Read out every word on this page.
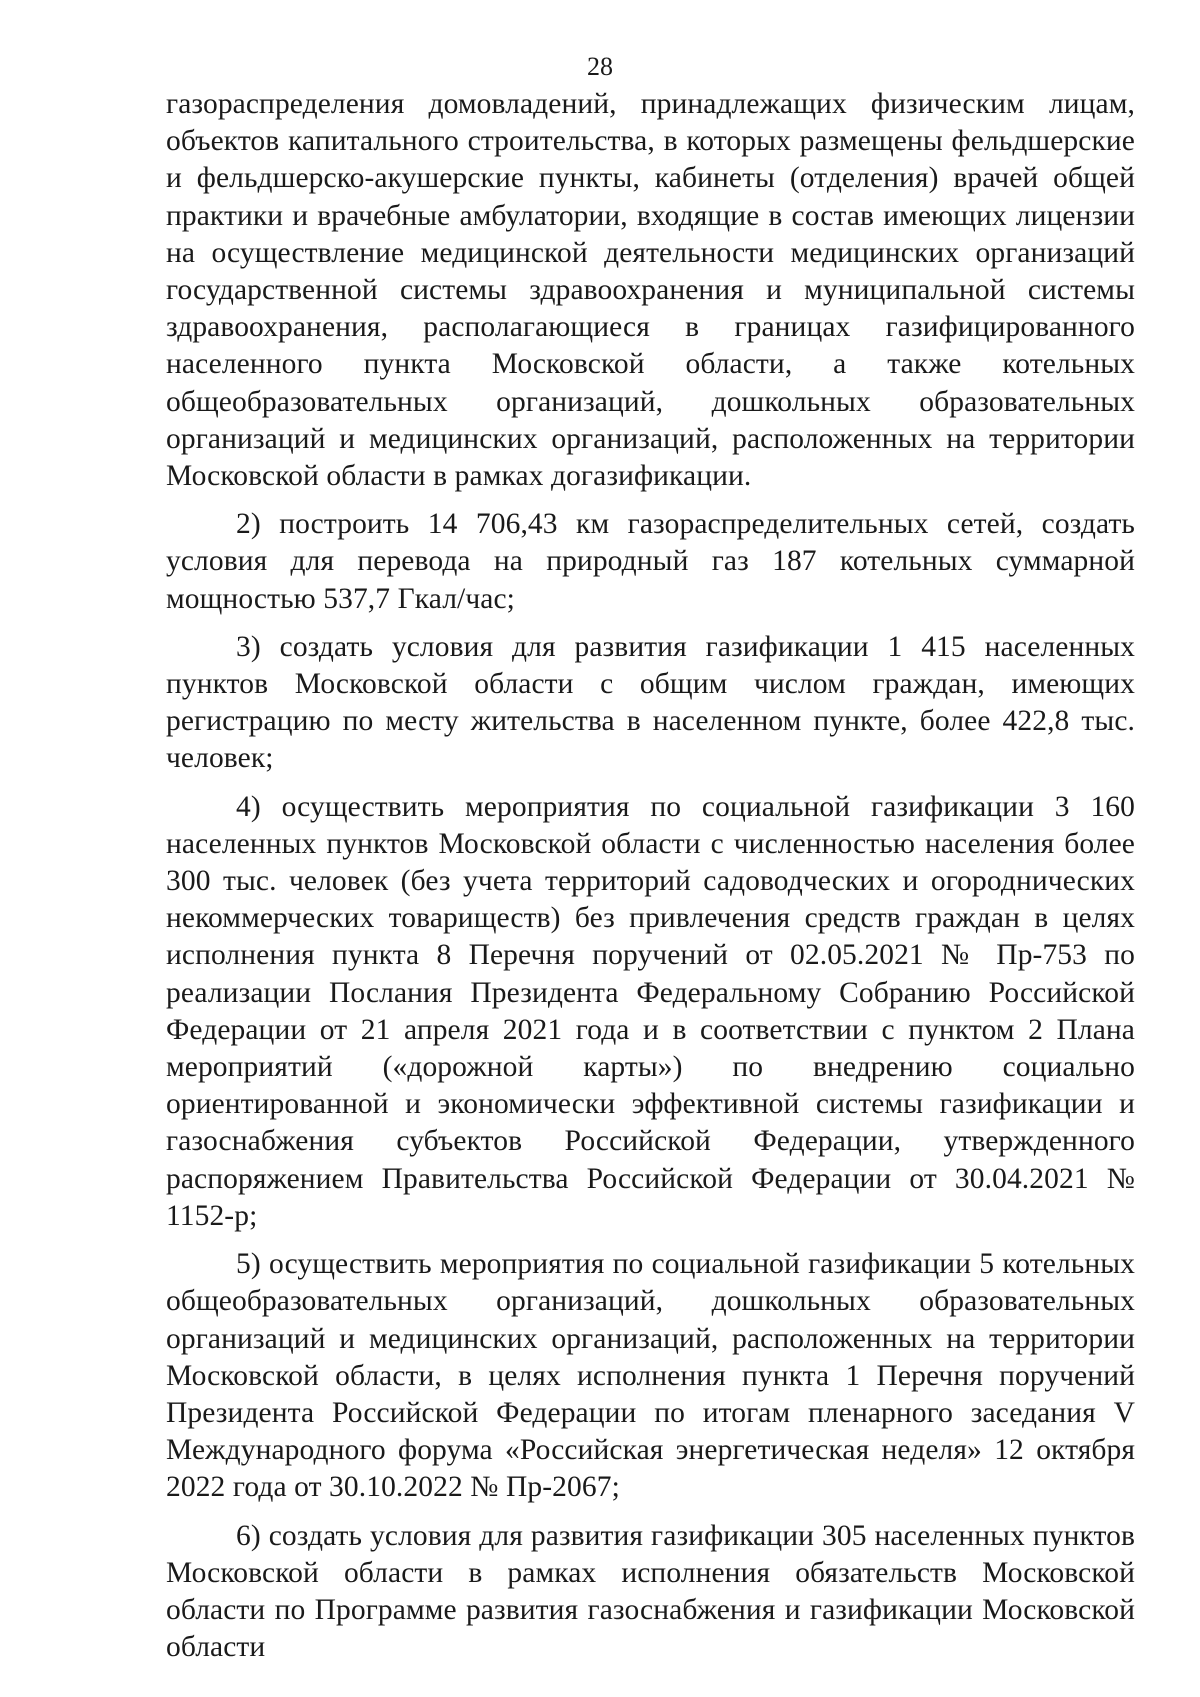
28

газораспределения домовладений, принадлежащих физическим лицам, объектов капитального строительства, в которых размещены фельдшерские и фельдшерско-акушерские пункты, кабинеты (отделения) врачей общей практики и врачебные амбулатории, входящие в состав имеющих лицензии на осуществление медицинской деятельности медицинских организаций государственной системы здравоохранения и муниципальной системы здравоохранения, располагающиеся в границах газифицированного населенного пункта Московской области, а также котельных общеобразовательных организаций, дошкольных образовательных организаций и медицинских организаций, расположенных на территории Московской области в рамках догазификации.

2) построить 14 706,43 км газораспределительных сетей, создать условия для перевода на природный газ 187 котельных суммарной мощностью 537,7 Гкал/час;

3) создать условия для развития газификации 1 415 населенных пунктов Московской области с общим числом граждан, имеющих регистрацию по месту жительства в населенном пункте, более 422,8 тыс. человек;

4) осуществить мероприятия по социальной газификации 3 160 населенных пунктов Московской области с численностью населения более 300 тыс. человек (без учета территорий садоводческих и огороднических некоммерческих товариществ) без привлечения средств граждан в целях исполнения пункта 8 Перечня поручений от 02.05.2021 № Пр-753 по реализации Послания Президента Федеральному Собранию Российской Федерации от 21 апреля 2021 года и в соответствии с пунктом 2 Плана мероприятий («дорожной карты») по внедрению социально ориентированной и экономически эффективной системы газификации и газоснабжения субъектов Российской Федерации, утвержденного распоряжением Правительства Российской Федерации от 30.04.2021 № 1152-р;

5) осуществить мероприятия по социальной газификации 5 котельных общеобразовательных организаций, дошкольных образовательных организаций и медицинских организаций, расположенных на территории Московской области, в целях исполнения пункта 1 Перечня поручений Президента Российской Федерации по итогам пленарного заседания V Международного форума «Российская энергетическая неделя» 12 октября 2022 года от 30.10.2022 № Пр-2067;

6) создать условия для развития газификации 305 населенных пунктов Московской области в рамках исполнения обязательств Московской области по Программе развития газоснабжения и газификации Московской области
